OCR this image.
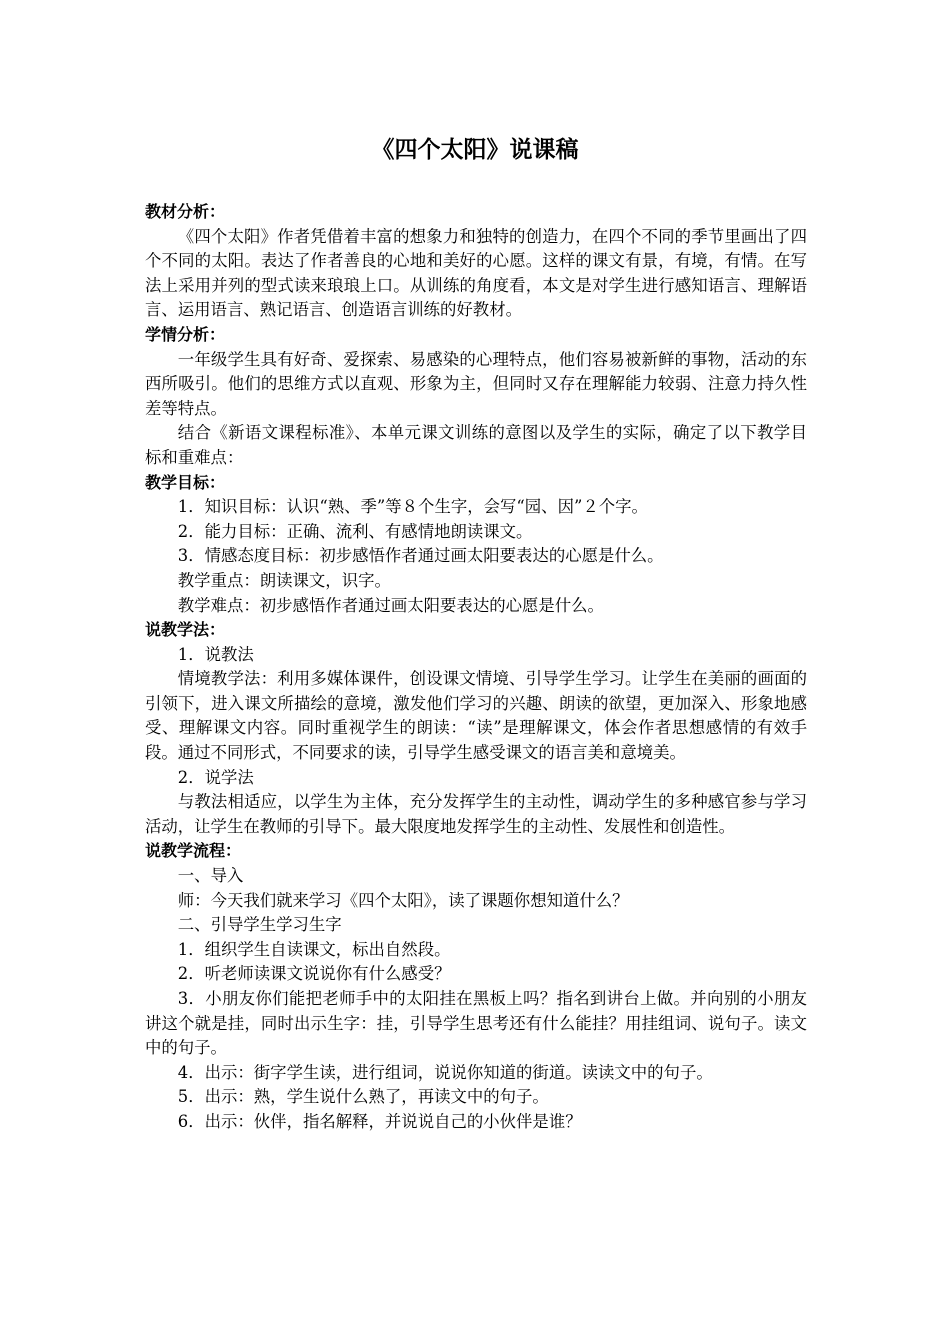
《四个太阳》说课稿
教材分析：

《四个太阳》作者凭借着丰富的想象力和独特的创造力，在四个不同的季节里画出了四个不同的太阳。表达了作者善良的心地和美好的心愿。这样的课文有景，有境，有情。在写法上采用并列的型式读来琅琅上口。从训练的角度看，本文是对学生进行感知语言、理解语言、运用语言、熟记语言、创造语言训练的好教材。

学情分析：

一年级学生具有好奇、爱探索、易感染的心理特点，他们容易被新鲜的事物，活动的东西所吸引。他们的思维方式以直观、形象为主，但同时又存在理解能力较弱、注意力持久性差等特点。

结合《新语文课程标准》、本单元课文训练的意图以及学生的实际，确定了以下教学目标和重难点：

教学目标：

1．知识目标：认识“熟、季”等８个生字，会写“园、因”２个字。

2．能力目标：正确、流利、有感情地朗读课文。

3．情感态度目标：初步感悟作者通过画太阳要表达的心愿是什么。

教学重点：朗读课文，识字。

教学难点：初步感悟作者通过画太阳要表达的心愿是什么。

说教学法：

1．说教法

情境教学法：利用多媒体课件，创设课文情境、引导学生学习。让学生在美丽的画面的引领下，进入课文所描绘的意境，激发他们学习的兴趣、朗读的欲望，更加深入、形象地感受、理解课文内容。同时重视学生的朗读：“读”是理解课文，体会作者思想感情的有效手段。通过不同形式，不同要求的读，引导学生感受课文的语言美和意境美。

2．说学法

与教法相适应，以学生为主体，充分发挥学生的主动性，调动学生的多种感官参与学习活动，让学生在教师的引导下。最大限度地发挥学生的主动性、发展性和创造性。

说教学流程：

一、导入

师：今天我们就来学习《四个太阳》，读了课题你想知道什么？

二、引导学生学习生字

1．组织学生自读课文，标出自然段。

2．听老师读课文说说你有什么感受？

3．小朋友你们能把老师手中的太阳挂在黑板上吗？指名到讲台上做。并向别的小朋友讲这个就是挂，同时出示生字：挂，引导学生思考还有什么能挂？用挂组词、说句子。读文中的句子。

4．出示：街字学生读，进行组词，说说你知道的街道。读读文中的句子。

5．出示：熟，学生说什么熟了，再读文中的句子。

6．出示：伙伴，指名解释，并说说自己的小伙伴是谁？
